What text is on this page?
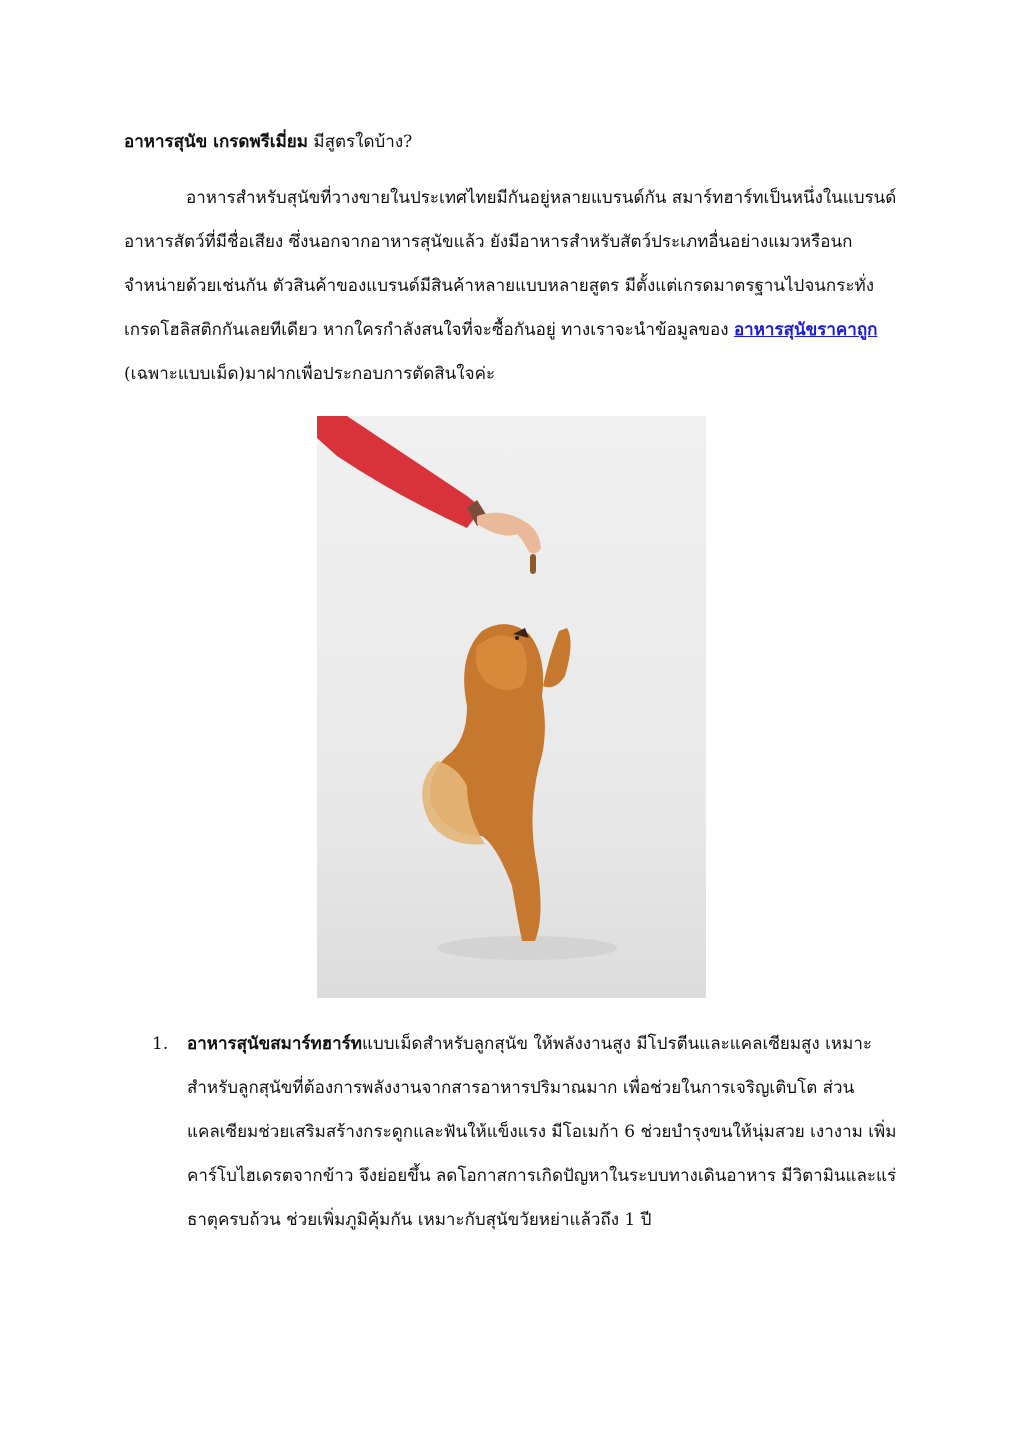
อาหารสุนัข เกรดพรีเมี่ยม มีสูตรใดบ้าง?

อาหารสำหรับสุนัขที่วางขายในประเทศไทยมีกันอยู่หลายแบรนด์กัน สมาร์ทฮาร์ทเป็นหนึ่งในแบรนด์อาหารสัตว์ที่มีชื่อเสียง ซึ่งนอกจากอาหารสุนัขแล้ว ยังมีอาหารสำหรับสัตว์ประเภทอื่นอย่างแมวหรือนกจำหน่ายด้วยเช่นกัน ตัวสินค้าของแบรนด์มีสินค้าหลายแบบหลายสูตร มีตั้งแต่เกรดมาตรฐานไปจนกระทั่งเกรดโฮลิสติกกันเลยทีเดียว หากใครกำลังสนใจที่จะซื้อกันอยู่ ทางเราจะนำข้อมูลของ อาหารสุนัขราคาถูก (เฉพาะแบบเม็ด)มาฝากเพื่อประกอบการตัดสินใจค่ะ

1. อาหารสุนัขสมาร์ทฮาร์ทแบบเม็ดสำหรับลูกสุนัข ให้พลังงานสูง มีโปรตีนและแคลเซียมสูง เหมาะสำหรับลูกสุนัขที่ต้องการพลังงานจากสารอาหารปริมาณมาก เพื่อช่วยในการเจริญเติบโต ส่วนแคลเซียมช่วยเสริมสร้างกระดูกและฟันให้แข็งแรง มีโอเมก้า 6 ช่วยบำรุงขนให้นุ่มสวย เงางาม เพิ่มคาร์โบไฮเดรตจากข้าว จึงย่อยขึ้น ลดโอกาสการเกิดปัญหาในระบบทางเดินอาหาร มีวิตามินและแร่ธาตุครบถ้วน ช่วยเพิ่มภูมิคุ้มกัน เหมาะกับสุนัขวัยหย่าแล้วถึง 1 ปี
